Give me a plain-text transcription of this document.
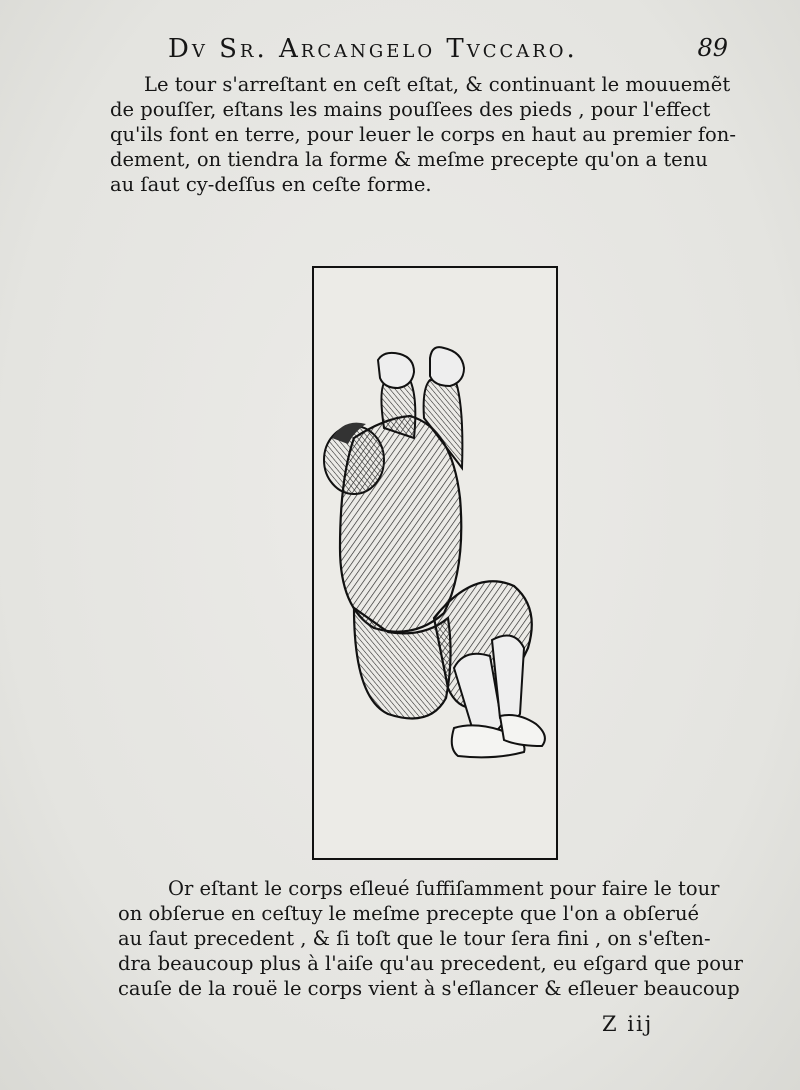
Dv Sr. Arcangelo Tvccaro.	89
Le tour s'arreſtant en ceſt eſtat, & continuant le mouuemẽt
de pouſſer, eſtans les mains pouſſees des pieds , pour l'effect
qu'ils font en terre, pour leuer le corps en haut au premier fon-
dement, on tiendra la forme & meſme precepte qu'on a tenu
au ſaut cy-deſſus en ceſte forme.
Or eſtant le corps eſleué ſuffiſamment pour faire le tour
on obſerue en ceſtuy le meſme precepte que l'on a obſerué
au ſaut precedent , & ſi toſt que le tour ſera fini , on s'eſten-
dra beaucoup plus à l'aiſe qu'au precedent, eu eſgard que pour
cauſe de la rouë le corps vient à s'eſlancer & eſleuer beaucoup
Z iij
